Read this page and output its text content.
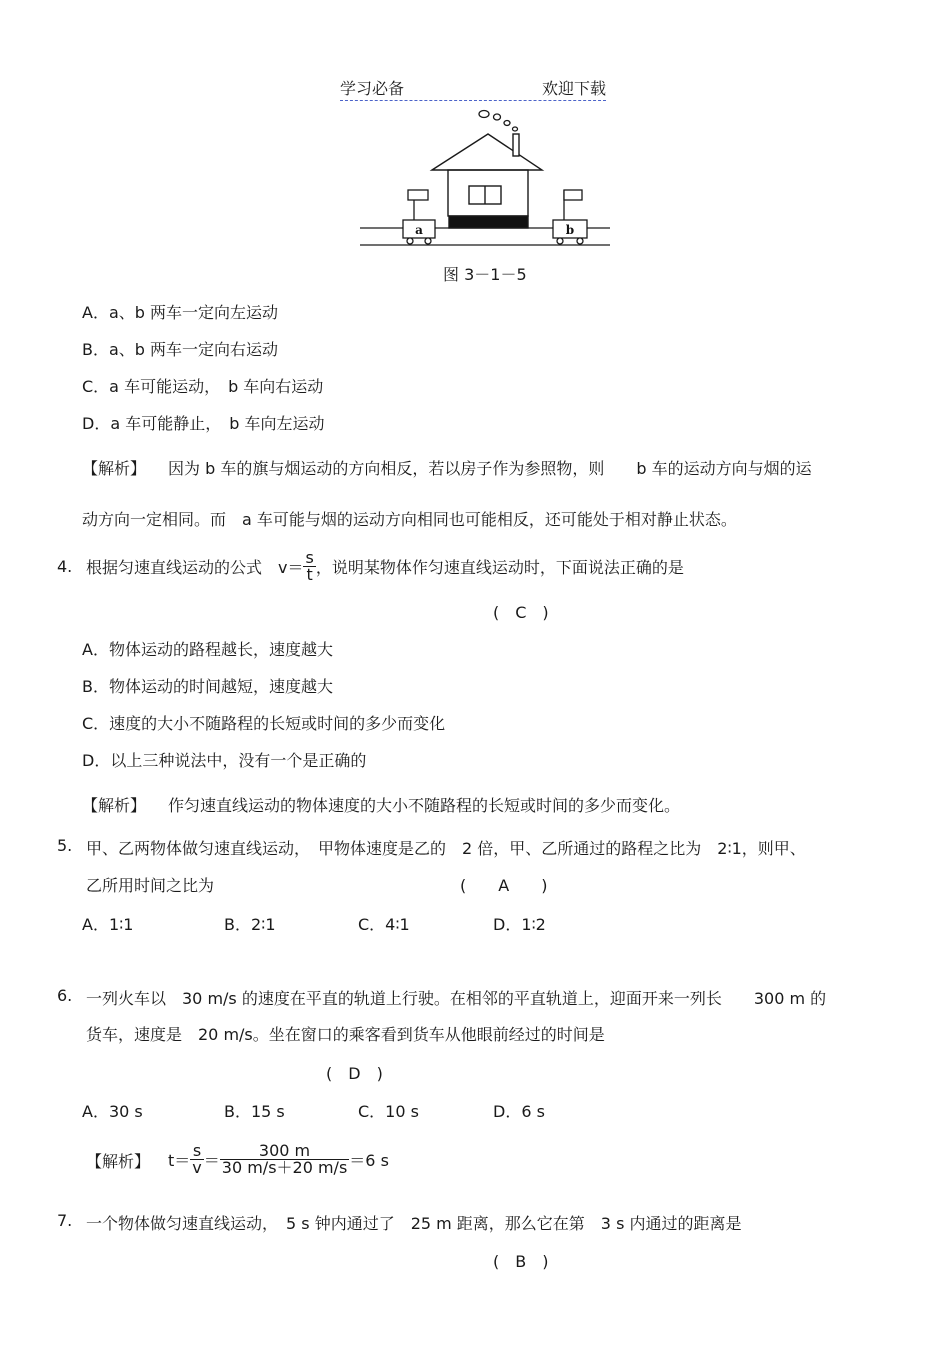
学习必备	欢迎下载
a	b
图 3－1－5
A．a、b 两车一定向左运动
B．a、b 两车一定向右运动
C．a 车可能运动，　b 车向右运动
D．a 车可能静止，　b 车向左运动
【解析】 因为 b 车的旗与烟运动的方向相反，若以房子作为参照物，则　　b 车的运动方向与烟的运
动方向一定相同。而　a 车可能与烟的运动方向相同也可能相反，还可能处于相对静止状态。
4. 根据匀速直线运动的公式　$v= \frac{s}{t}$ ，说明某物体作匀速直线运动时，下面说法正确的是
(　C　)
A．物体运动的路程越长，速度越大
B．物体运动的时间越短，速度越大
C．速度的大小不随路程的长短或时间的多少而变化
D．以上三种说法中，没有一个是正确的
【解析】 作匀速直线运动的物体速度的大小不随路程的长短或时间的多少而变化。
5. 甲、乙两物体做匀速直线运动，　甲物体速度是乙的　2 倍，甲、乙所通过的路程之比为　2∶1，则甲、
乙所用时间之比为	(　　A　　)
A．1∶1	B．2∶1	C．4∶1	D．1∶2
6. 一列火车以　30 m/s 的速度在平直的轨道上行驶。在相邻的平直轨道上，迎面开来一列长　　300 m 的
货车，速度是　20 m/s。坐在窗口的乘客看到货车从他眼前经过的时间是
(　D　)
A．30 s	B．15 s	C．10 s	D．6 s
【解析】 $t= \frac{s}{v} = \frac{300 m}{30 m/s+20 m/s} =6$ s
7. 一个物体做匀速直线运动，　5 s 钟内通过了　25 m 距离，那么它在第　3 s 内通过的距离是
(　B　)
